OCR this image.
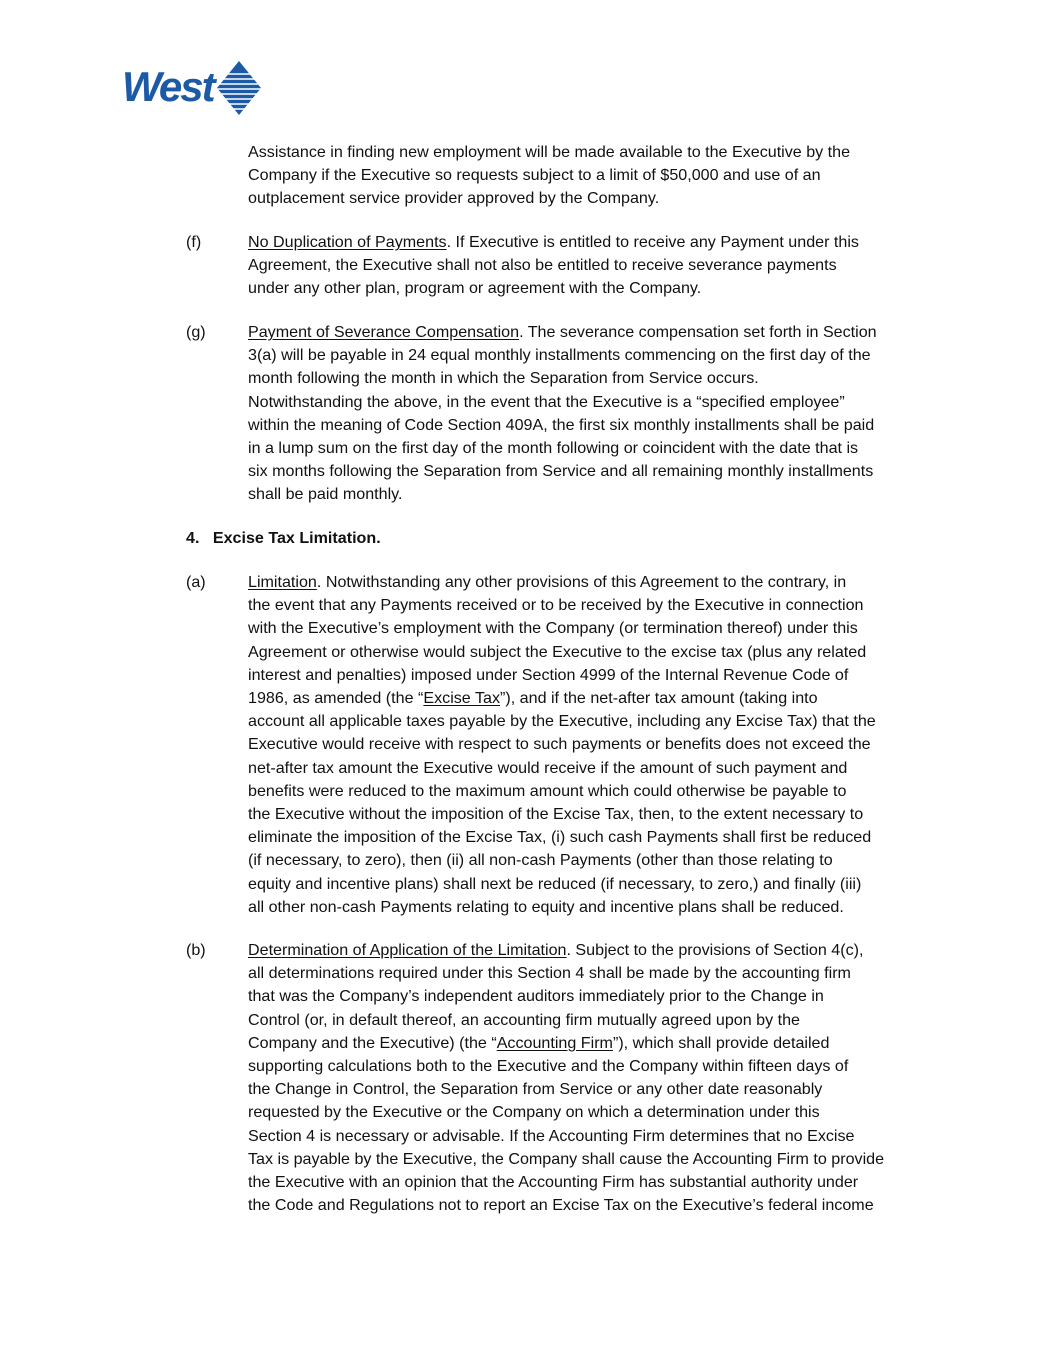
West
Assistance in finding new employment will be made available to the Executive by the
Company if the Executive so requests subject to a limit of $50,000 and use of an
outplacement service provider approved by the Company.
(f)	No Duplication of Payments. If Executive is entitled to receive any Payment under this
Agreement, the Executive shall not also be entitled to receive severance payments
under any other plan, program or agreement with the Company.
(g)	Payment of Severance Compensation. The severance compensation set forth in Section
3(a) will be payable in 24 equal monthly installments commencing on the first day of the
month following the month in which the Separation from Service occurs.
Notwithstanding the above, in the event that the Executive is a “specified employee”
within the meaning of Code Section 409A, the first six monthly installments shall be paid
in a lump sum on the first day of the month following or coincident with the date that is
six months following the Separation from Service and all remaining monthly installments
shall be paid monthly.
4.   Excise Tax Limitation.
(a)	Limitation. Notwithstanding any other provisions of this Agreement to the contrary, in
the event that any Payments received or to be received by the Executive in connection
with the Executive’s employment with the Company (or termination thereof) under this
Agreement or otherwise would subject the Executive to the excise tax (plus any related
interest and penalties) imposed under Section 4999 of the Internal Revenue Code of
1986, as amended (the “Excise Tax”), and if the net-after tax amount (taking into
account all applicable taxes payable by the Executive, including any Excise Tax) that the
Executive would receive with respect to such payments or benefits does not exceed the
net-after tax amount the Executive would receive if the amount of such payment and
benefits were reduced to the maximum amount which could otherwise be payable to
the Executive without the imposition of the Excise Tax, then, to the extent necessary to
eliminate the imposition of the Excise Tax, (i) such cash Payments shall first be reduced
(if necessary, to zero), then (ii) all non-cash Payments (other than those relating to
equity and incentive plans) shall next be reduced (if necessary, to zero,) and finally (iii)
all other non-cash Payments relating to equity and incentive plans shall be reduced.
(b)	Determination of Application of the Limitation. Subject to the provisions of Section 4(c),
all determinations required under this Section 4 shall be made by the accounting firm
that was the Company’s independent auditors immediately prior to the Change in
Control (or, in default thereof, an accounting firm mutually agreed upon by the
Company and the Executive) (the “Accounting Firm”), which shall provide detailed
supporting calculations both to the Executive and the Company within fifteen days of
the Change in Control, the Separation from Service or any other date reasonably
requested by the Executive or the Company on which a determination under this
Section 4 is necessary or advisable. If the Accounting Firm determines that no Excise
Tax is payable by the Executive, the Company shall cause the Accounting Firm to provide
the Executive with an opinion that the Accounting Firm has substantial authority under
the Code and Regulations not to report an Excise Tax on the Executive’s federal income
